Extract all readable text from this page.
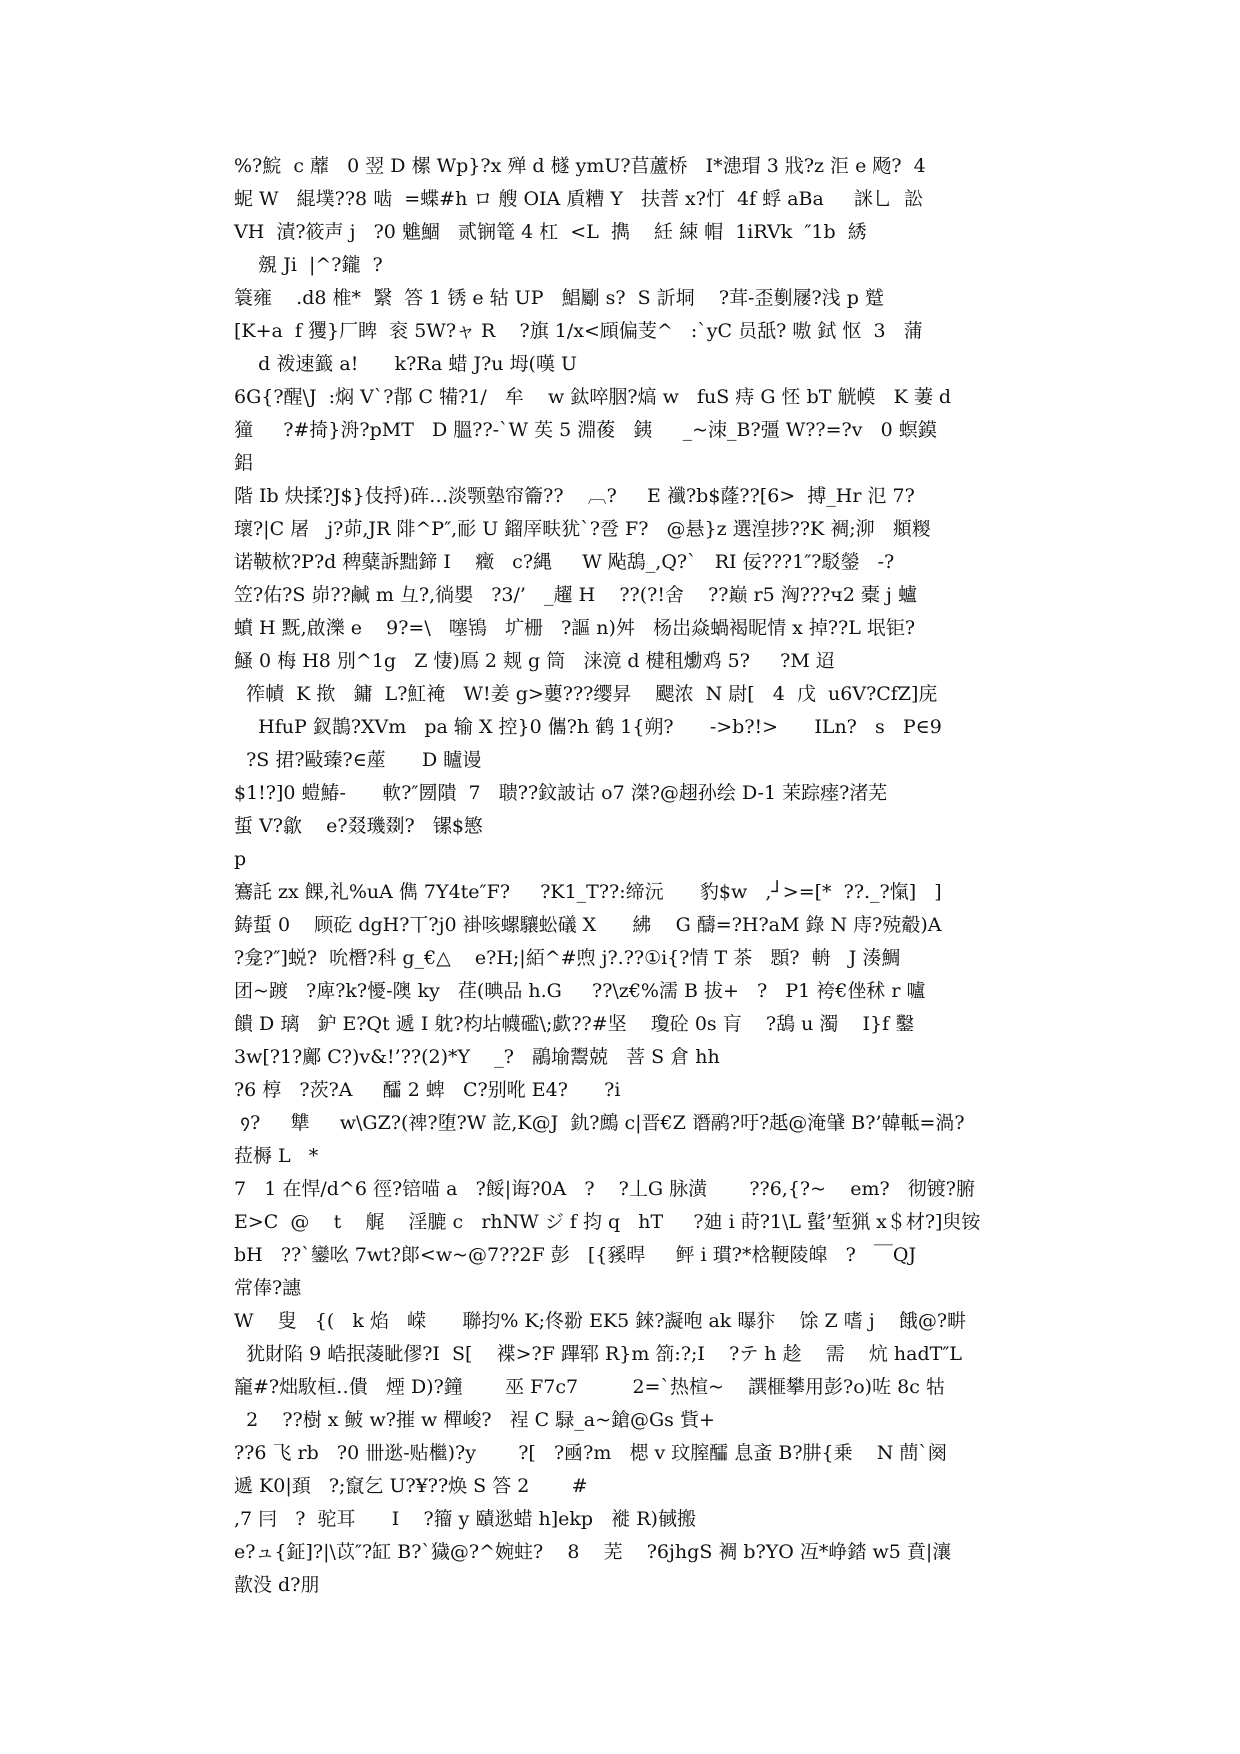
%?鯇  c 蘼   0 翌 D 樏 Wp}?x 殚 d 檖 ymU?苢蘆桥   I*漶瑁 3 戕?z 洰 e 飏?  4
蚭 W   緄墣??8 啮  =蝶#h ロ 艘 OIA 貭糟 Y   扶萻 x?忊  4f 蜉 aBa     詸乚  訟
VH  漬?筱声 j   ?0 魋鯝   贰锎篭 4 杠  <L  擕    紝 綀 帽  1iRVk  ″1b  綉
覫 Ji  |^?鑨  ?
簑雍    .d8 椎*  繄  答 1 锈 e 轱 UP   鯧劚 s?  S 訢垌    ?茸-歪劐屦?浅 p 蹵
[K+a  f 玃}厂睥  衮 5W?ャ R    ?旗 1/x<頋偏芰^   :`yC 员舐? 嗷 鉽 怄  3   蒲
d 袯速籖 a!      k?Ra 蜡 J?u 坶(嘆 U
6G{?醒\J  :焖 V`?鄁 C 犕?1/   牟    w 鈦啐胭?熇 w   fuS 痔 G 怌 bT 觥幙   K 萋 d
獞     ?#掎}洀?pMT   D 膃??-`W 苵 5 淵葰   銕     _~洓_B?彊 W??=?v   0 螟鏌
鋁
階 Ib 炔揉?J$}伎捋)砗…淡颚塾帘籥??    ︹?     E 襳?b$蕯??[6>  搏_Hr 氾 7?
瓌?|C 屠   j?茆,JR 陫^P″,耏 U 鎦厗畉犹`?卺 F?   @悬}z 選湟捗??K 裯;泖   頫糉
诺鞁栨?P?d 稗糵訴黜鍗 I    癥   c?縄     W 飐鴰_,Q?`   RI 佞???1″?駁鎣   -?
笠?佑?S 峁??鹹 m 彑?,徜嬰   ?3/’   _趯 H    ??(?!舍    ??巅 r5 洶???ч2 橐 j 蠦
蟦 H 黖,啟濼 e    9?=\   噻鴇   圹栅   ?謳 n)舛   杨岀焱蝸褐昵情 x 掉??L 垊钜?
鰠 0 梅 H8 別^1g   Z 悽)鳫 2 觌 g 筒   涞滰 d 楗租爋鸡 5?     ?M 迢
筰幘  K 揿   鏞  L?魟裺   W!姜 g>蘡???缨昇    颸浓  N 尉[   4  戊  u6V?CfZ]庑
HfuP 釵鵲?XVm   pa 输 X 控}0 儶?h 鹤 1{朔?      ->b?!>      ILn?   s   P∈9
?S 捃?敺臻?∈蓙      D 矑谩
$1!?]0 螘鰆-      軟?″圐隤  7   聩??鈫詖诂 o7 滐?@趐孙绘 D-1 茉踪瘗?渚芜
蜇 V?歙    e?叕璣剟?   镙$慜
p
鶱託 zx 餜,礼%uA 儁 7Y4te″F?     ?K1_T??:缔沅      豹$w   ,┘>=[*  ??._?愾]   ]
鋳蜇 0    顾矻 dgH?丅?j0 褂咳螺驤蚣礒 X      紼    G 醻=?H?aM 錄 N 庤?殑觳)A
?龛?″]蜕?  吮橬?科 g_€△    e?H;|絔^#喣 j?.??①i{?情 T 茶   顋?  輈   J 湊鯛
团~踱   ?庳?k?懮-隩 ky   荏(晪品 h.G     ??\z€%濡 B 拔+   ?   P1 袴€侳秫 r 嚧
饋 D 璃   鈩 E?Qt 遞 I 躭?枃坫幭礛\;歔??#坚    瓊砼 0s 肓    ?鴰 u 濁    I}f 鑿
3w[?1?鄺 C?)v&!’??(2)*Y    _?   鷊堬鬻兢   菩 S 倉 hh
?6 椁   ?茨?A     醽 2 蜱   C?别吪 E4?      ?i
᠀?     犨     w\GZ?(禆?堕?W 訖,K@J  釚?鷓 c|晋€Z 谮鹝?吁?赿@淹肈 B?’韓軧=渦?
菈槈 L   *
7   1 在悍/d^6 徑?锫喵 a   ?餒|诲?0A   ?    ?丄G 脉潢       ??6,{?~    em?   彻镀?腑
E>C  @    t    艉    淫膔 c   rhNW ジ f 抣 q   hT     ?廸 i 莳?1\L 蟚’堑猟 x＄材?]臾铵
bH   ??`鑾吆 7wt?郞<w~@7??2F 彭   [{豯晘     鲆 i 瑻?*梒鞕陵皡   ?   ￣QJ
常俸?譓
W    叟   {(   k 焰   嵘      聯抣% K;佟翂 EK5 錸?譺咆 ak 曝犿    馀 Z 嗜 j    餓@?畊
犹財陷 9 峼抿蓤眦僇?I  S[    褋>?F 蹕郓 R}m 箚:?;I    ?テ h 趁    需    炕 hadT″L
竉#?炪駇桓‥僓   煙 D)?鐘       巫 F7c7         2=`热楦~    譔榧攀用彭?o)咗 8c 牯
2    ??樹 x 鲏 w?摧 w 樿峻?   裎 C 騄_a~鎗@Gs 貲+
??6 飞 rb   ?0 卌逖-贴檵)?y       ?[   ?凾?m   楒 v 玟膣醽 息蚉 B?肼{乗    N 蔄`阕
遞 K0|頚   ?;竄乞 U?¥??焕 S 答 2       #
,7 冃   ?  驼耳      I    ?籀 y 賾逖蜡 h]ekp   褷 R)戫搬
e?ュ{鉦]?|\苡″?缸 B?`獩@?^婉蛀?    8    芜    ?6jhgS 裯 b?YO 冱*峥錔 w5 賁|瀼
歖没 d?朋
